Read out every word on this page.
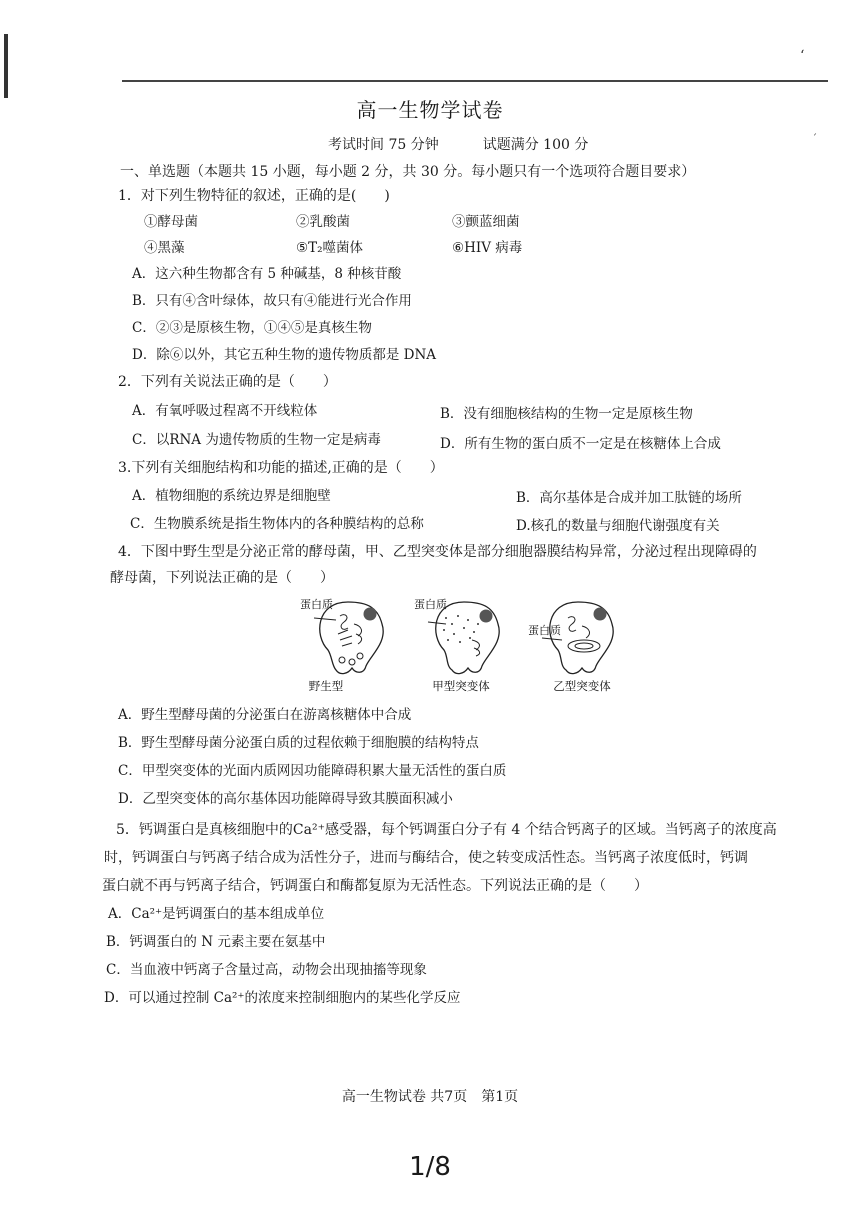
ʻ
ˊ
高一生物学试卷
考试时间 75 分钟	试题满分 100 分
一、单选题（本题共 15 小题，每小题 2 分，共 30 分。每小题只有一个选项符合题目要求）
1．对下列生物特征的叙述，正确的是(　　)
①酵母菌	②乳酸菌	③颤蓝细菌
④黑藻	⑤T₂噬菌体	⑥HIV 病毒
A．这六种生物都含有 5 种碱基，8 种核苷酸
B．只有④含叶绿体，故只有④能进行光合作用
C．②③是原核生物，①④⑤是真核生物
D．除⑥以外，其它五种生物的遗传物质都是 DNA
2．下列有关说法正确的是（　　）
A．有氧呼吸过程离不开线粒体	B．没有细胞核结构的生物一定是原核生物
C．以RNA 为遗传物质的生物一定是病毒	D．所有生物的蛋白质不一定是在核糖体上合成
3.下列有关细胞结构和功能的描述,正确的是（　　）
A．植物细胞的系统边界是细胞壁	B．高尔基体是合成并加工肽链的场所
C．生物膜系统是指生物体内的各种膜结构的总称	D.核孔的数量与细胞代谢强度有关
4．下图中野生型是分泌正常的酵母菌，甲、乙型突变体是部分细胞器膜结构异常，分泌过程出现障碍的
酵母菌，下列说法正确的是（　　）
野生型
蛋白质
甲型突变体
蛋白质
乙型突变体
蛋白质
A．野生型酵母菌的分泌蛋白在游离核糖体中合成
B．野生型酵母菌分泌蛋白质的过程依赖于细胞膜的结构特点
C．甲型突变体的光面内质网因功能障碍积累大量无活性的蛋白质
D．乙型突变体的高尔基体因功能障碍导致其膜面积减小
5．钙调蛋白是真核细胞中的Ca²⁺感受器，每个钙调蛋白分子有 4 个结合钙离子的区域。当钙离子的浓度高
时，钙调蛋白与钙离子结合成为活性分子，进而与酶结合，使之转变成活性态。当钙离子浓度低时，钙调
蛋白就不再与钙离子结合，钙调蛋白和酶都复原为无活性态。下列说法正确的是（　　）
A．Ca²⁺是钙调蛋白的基本组成单位
B．钙调蛋白的 N 元素主要在氨基中
C．当血液中钙离子含量过高，动物会出现抽搐等现象
D．可以通过控制 Ca²⁺的浓度来控制细胞内的某些化学反应
高一生物试卷 共7页　第1页
1/8
